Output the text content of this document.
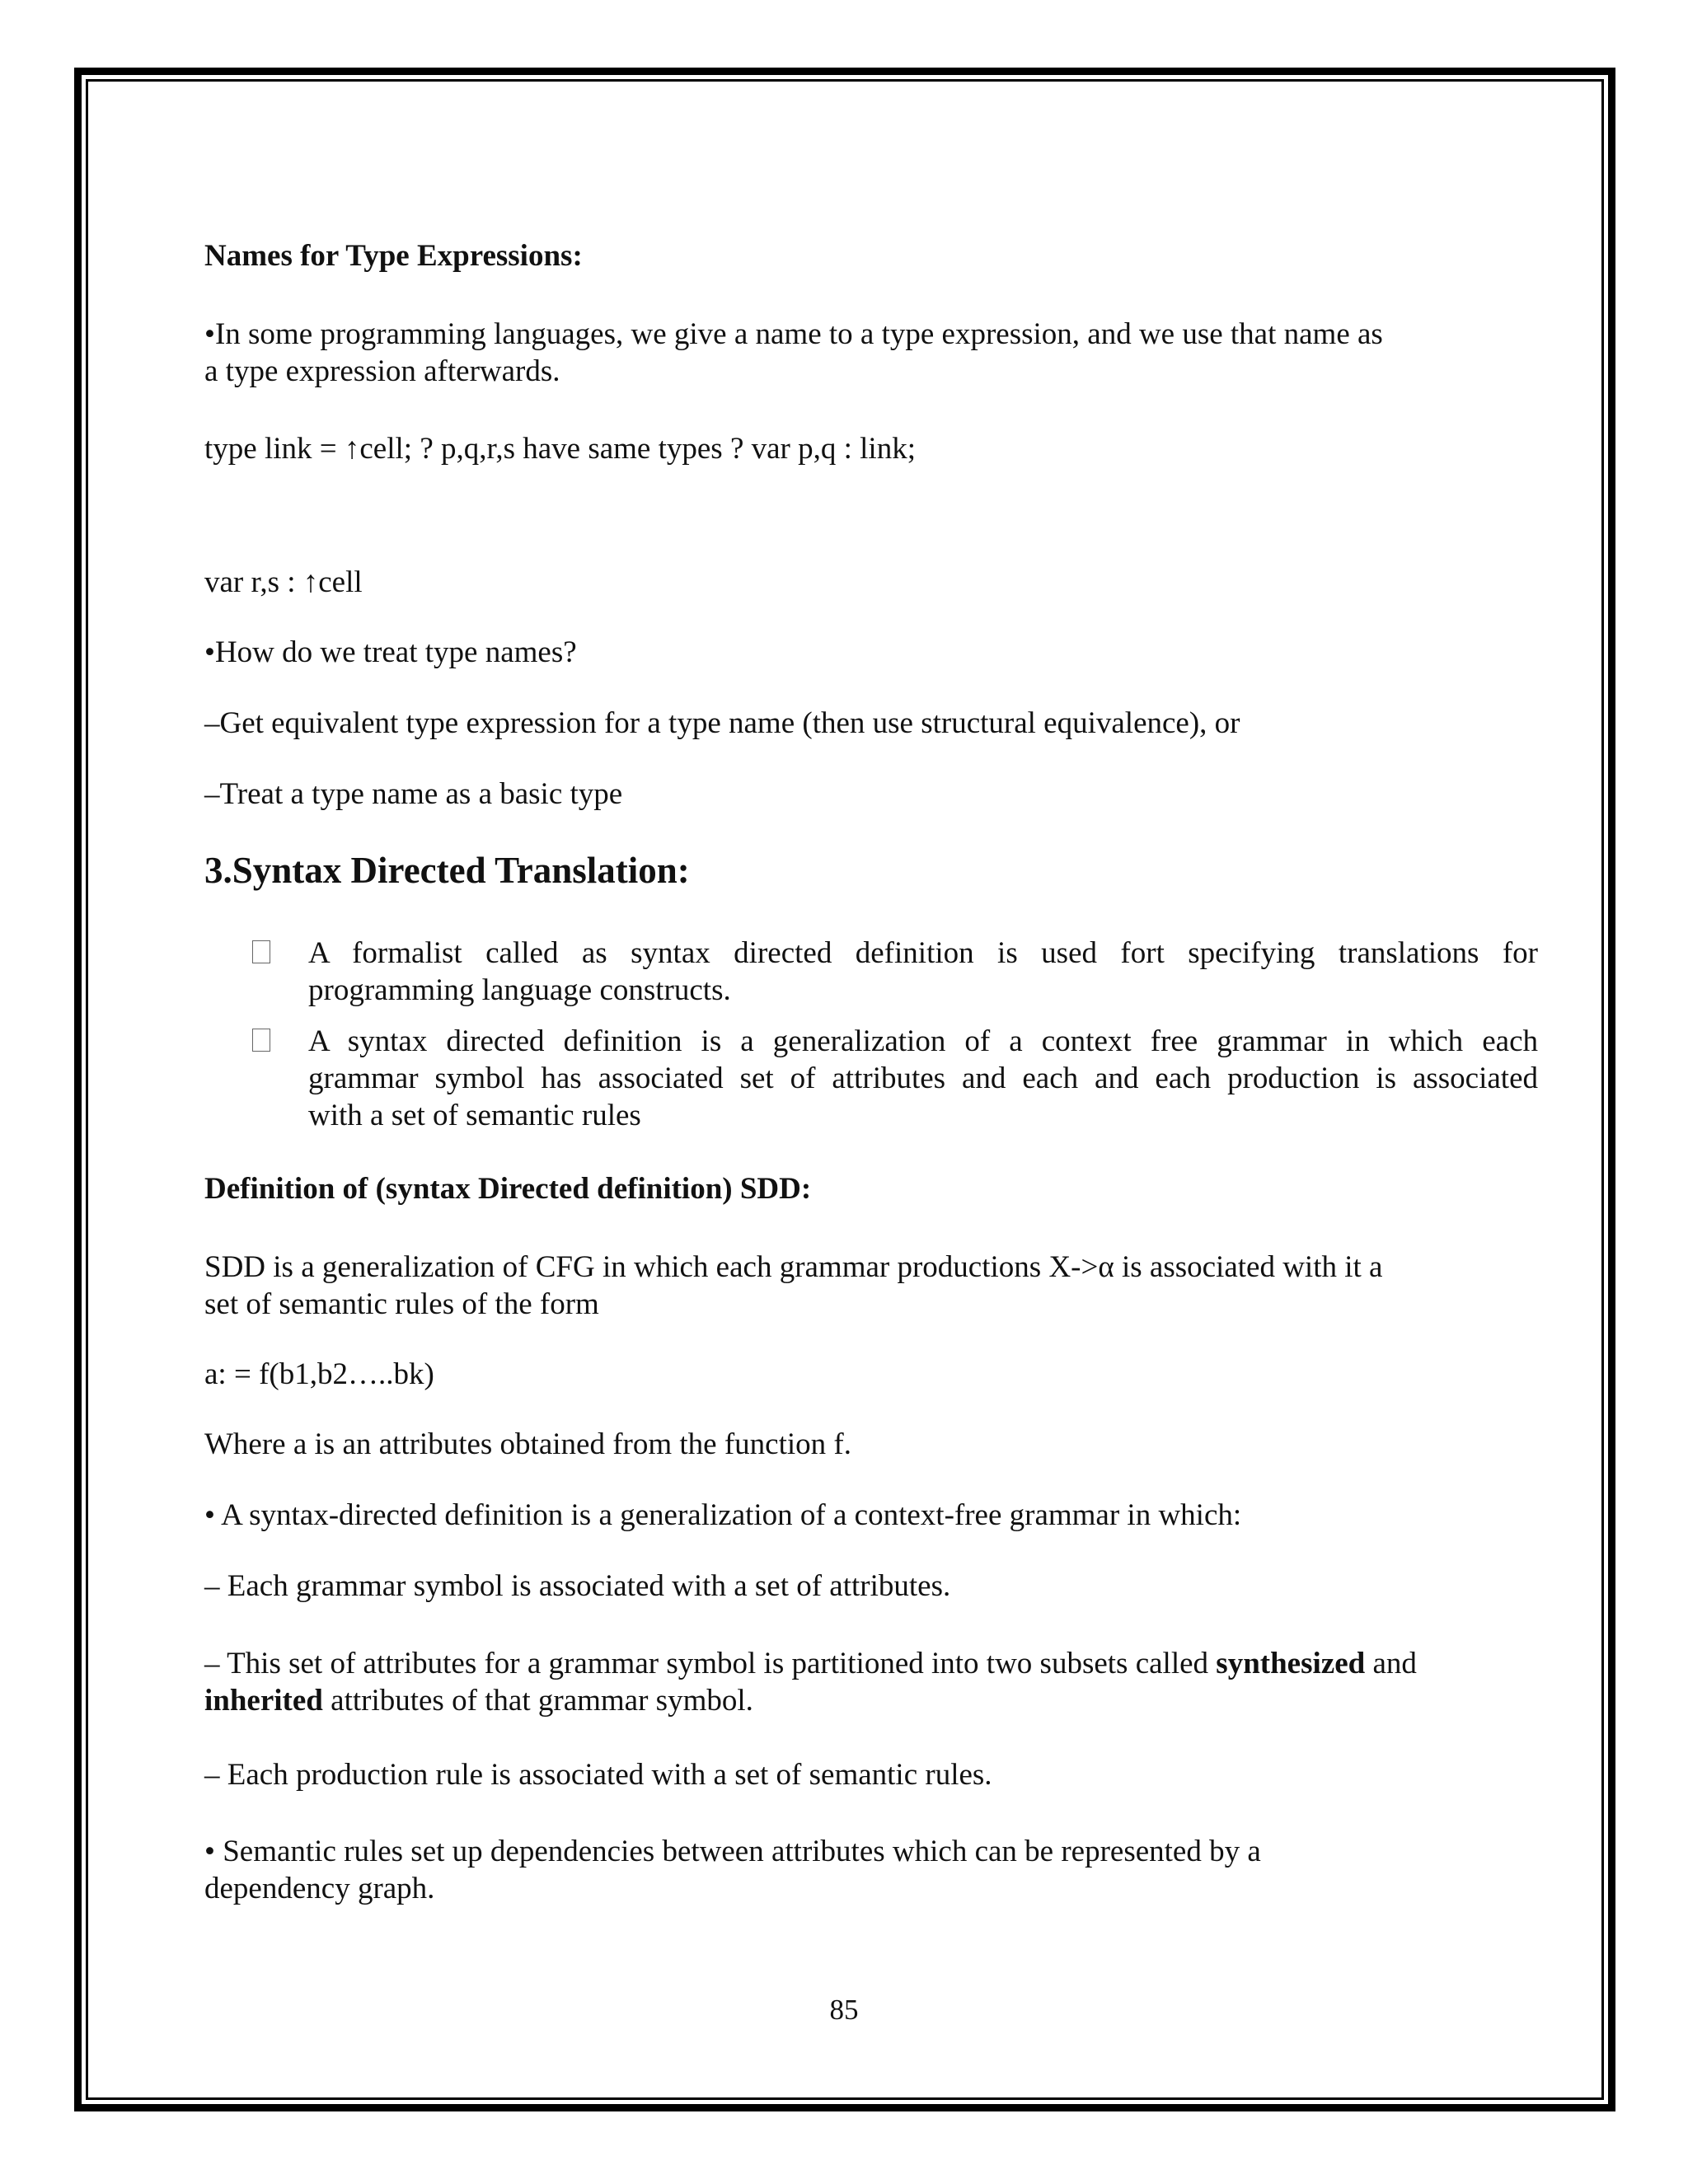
Names for Type Expressions:
•In some programming languages, we give a name to a type expression, and we use that name as
a type expression afterwards.
type link = ↑cell; ? p,q,r,s have same types ? var p,q : link;
var r,s : ↑cell
•How do we treat type names?
–Get equivalent type expression for a type name (then use structural equivalence), or
–Treat a type name as a basic type
3.Syntax Directed Translation:
A formalist called as syntax directed definition is used fort specifying translations for
programming language constructs.
A syntax directed definition is a generalization of a context free grammar in which each
grammar symbol has associated set of attributes and each and each production is associated
with a set of semantic rules
Definition of (syntax Directed definition) SDD:
SDD is a generalization of CFG in which each grammar productions X->α is associated with it a
set of semantic rules of the form
a: = f(b1,b2…..bk)
Where a is an attributes obtained from the function f.
• A syntax-directed definition is a generalization of a context-free grammar in which:
– Each grammar symbol is associated with a set of attributes.
– This set of attributes for a grammar symbol is partitioned into two subsets called synthesized and
inherited attributes of that grammar symbol.
– Each production rule is associated with a set of semantic rules.
• Semantic rules set up dependencies between attributes which can be represented by a
dependency graph.
85
